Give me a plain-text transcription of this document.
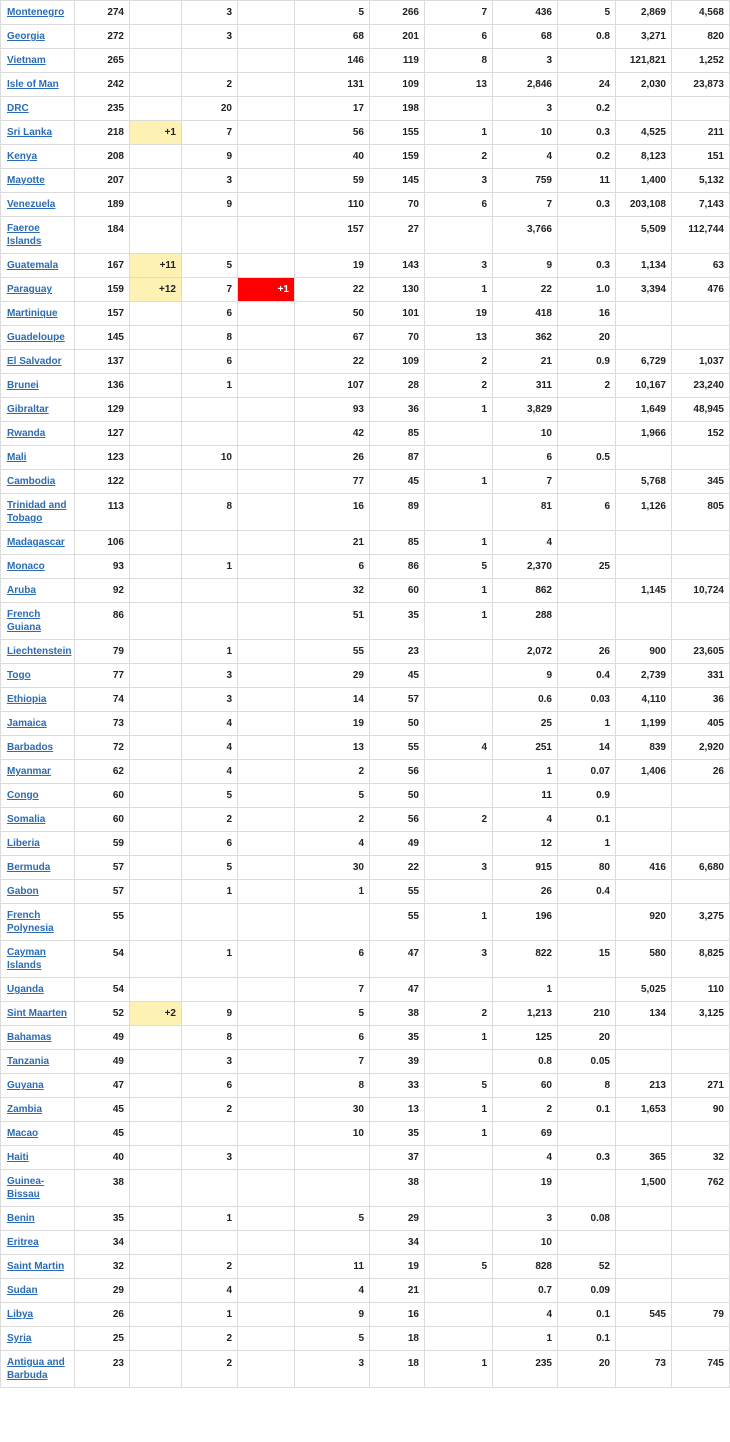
Montenegro	274		3		5	266	7	436	5	2,869	4,568
Georgia	272		3		68	201	6	68	0.8	3,271	820
Vietnam	265				146	119	8	3		121,821	1,252
Isle of Man	242		2		131	109	13	2,846	24	2,030	23,873
DRC	235		20		17	198		3	0.2		
Sri Lanka	218	+1	7		56	155	1	10	0.3	4,525	211
Kenya	208		9		40	159	2	4	0.2	8,123	151
Mayotte	207		3		59	145	3	759	11	1,400	5,132
Venezuela	189		9		110	70	6	7	0.3	203,108	7,143
Faeroe Islands	184				157	27		3,766		5,509	112,744
Guatemala	167	+11	5		19	143	3	9	0.3	1,134	63
Paraguay	159	+12	7	+1	22	130	1	22	1.0	3,394	476
Martinique	157		6		50	101	19	418	16		
Guadeloupe	145		8		67	70	13	362	20		
El Salvador	137		6		22	109	2	21	0.9	6,729	1,037
Brunei	136		1		107	28	2	311	2	10,167	23,240
Gibraltar	129				93	36	1	3,829		1,649	48,945
Rwanda	127				42	85		10		1,966	152
Mali	123		10		26	87		6	0.5		
Cambodia	122				77	45	1	7		5,768	345
Trinidad and Tobago	113		8		16	89		81	6	1,126	805
Madagascar	106				21	85	1	4			
Monaco	93		1		6	86	5	2,370	25		
Aruba	92				32	60	1	862		1,145	10,724
French Guiana	86				51	35	1	288			
Liechtenstein	79		1		55	23		2,072	26	900	23,605
Togo	77		3		29	45		9	0.4	2,739	331
Ethiopia	74		3		14	57		0.6	0.03	4,110	36
Jamaica	73		4		19	50		25	1	1,199	405
Barbados	72		4		13	55	4	251	14	839	2,920
Myanmar	62		4		2	56		1	0.07	1,406	26
Congo	60		5		5	50		11	0.9		
Somalia	60		2		2	56	2	4	0.1		
Liberia	59		6		4	49		12	1		
Bermuda	57		5		30	22	3	915	80	416	6,680
Gabon	57		1		1	55		26	0.4		
French Polynesia	55					55	1	196		920	3,275
Cayman Islands	54		1		6	47	3	822	15	580	8,825
Uganda	54				7	47		1		5,025	110
Sint Maarten	52	+2	9		5	38	2	1,213	210	134	3,125
Bahamas	49		8		6	35	1	125	20		
Tanzania	49		3		7	39		0.8	0.05		
Guyana	47		6		8	33	5	60	8	213	271
Zambia	45		2		30	13	1	2	0.1	1,653	90
Macao	45				10	35	1	69			
Haiti	40		3			37		4	0.3	365	32
Guinea-Bissau	38					38		19		1,500	762
Benin	35		1		5	29		3	0.08		
Eritrea	34					34		10			
Saint Martin	32		2		11	19	5	828	52		
Sudan	29		4		4	21		0.7	0.09		
Libya	26		1		9	16		4	0.1	545	79
Syria	25		2		5	18		1	0.1		
Antigua and Barbuda	23		2		3	18	1	235	20	73	745
